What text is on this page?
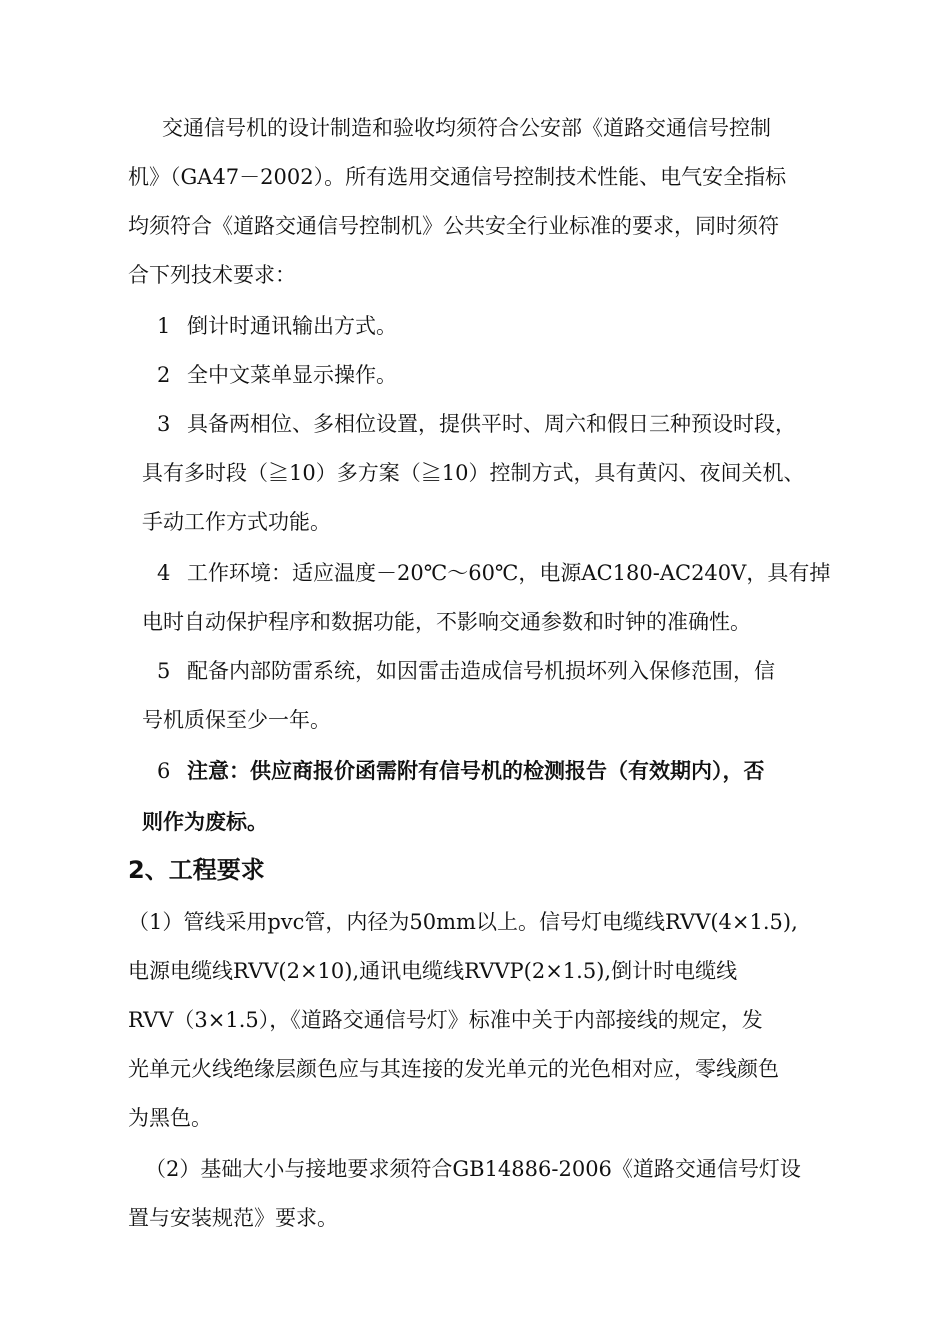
交通信号机的设计制造和验收均须符合公安部《道路交通信号控制
机》（GA47－2002）。所有选用交通信号控制技术性能、电气安全指标
均须符合《道路交通信号控制机》公共安全行业标准的要求，同时须符
合下列技术要求：
1 倒计时通讯输出方式。
2 全中文菜单显示操作。
3 具备两相位、多相位设置，提供平时、周六和假日三种预设时段，
具有多时段（≧10）多方案（≧10）控制方式，具有黄闪、夜间关机、
手动工作方式功能。
4 工作环境：适应温度－20℃～60℃，电源AC180-AC240V，具有掉
电时自动保护程序和数据功能，不影响交通参数和时钟的准确性。
5 配备内部防雷系统，如因雷击造成信号机损坏列入保修范围，信
号机质保至少一年。
6 注意：供应商报价函需附有信号机的检测报告（有效期内），否
则作为废标。
2、工程要求
（1）管线采用pvc管，内径为50mm以上。信号灯电缆线RVV(4×1.5),
电源电缆线RVV(2×10),通讯电缆线RVVP(2×1.5),倒计时电缆线
RVV（3×1.5），《道路交通信号灯》标准中关于内部接线的规定，发
光单元火线绝缘层颜色应与其连接的发光单元的光色相对应，零线颜色
为黑色。
（2）基础大小与接地要求须符合GB14886-2006《道路交通信号灯设
置与安装规范》要求。
